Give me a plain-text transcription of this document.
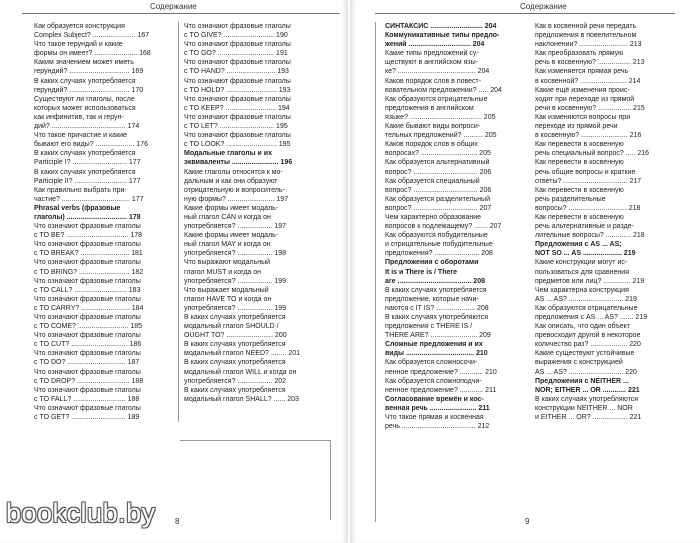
Содержание

Как образуется конструкция

Complex Subject? ...................... 167

Что такое герундий и какие

формы он имеет? ...................... 168

Каким значением может иметь

герундий? ............................... 169

В каких случаях употребляется

герундий? ............................... 170

Существуют ли глаголы, после

которых может использоваться

как инфинитив, так и герун-

дий? ...................................... 174

Что такое причастие и какие

бывают его виды? .................... 176

В каких случаях употребляется

Participle I? ............................ 177

В каких случаях употребляется

Participle II? ........................... 177

Как правильно выбрать при-

частие? ................................... 177

Phrasal verbs (фразовые

глаголы) ............................... 178

Что означают фразовые глаголы

с TO BE? ................................ 178

Что означают фразовые глаголы

с TO BREAK? ......................... 181

Что означают фразовые глаголы

с TO BRING? .......................... 182

Что означают фразовые глаголы

с TO CALL? ........................... 183

Что означают фразовые глаголы

с TO CARRY? ......................... 184

Что означают фразовые глаголы

с TO COME? .......................... 185

Что означают фразовые глаголы

с TO CUT? ............................. 186

Что означают фразовые глаголы

с TO DO? .............................. 187

Что означают фразовые глаголы

с TO DROP? ........................... 188

Что означают фразовые глаголы

с TO FALL? ........................... 188

Что означают фразовые глаголы

с TO GET? ............................ 189

Что означают фразовые глаголы

с TO GIVE? .......................... 190

Что означают фразовые глаголы

с TO GO? ............................. 191

Что означают фразовые глаголы

с TO HAND? ......................... 193

Что означают фразовые глаголы

с TO HOLD? .......................... 193

Что означают фразовые глаголы

с TO KEEP? .......................... 194

Что означают фразовые глаголы

с TO LET? ............................ 195

Что означают фразовые глаголы

с TO LOOK? .......................... 195

Модальные глаголы и их

эквиваленты ........................ 196

Какие глаголы относятся к мо-

дальным и как они образуют

отрицательную и вопроситель-

ную формы? ........................ 197

Какие формы имеет модаль-

ный глагол CAN и когда он

употребляется? .................. 197

Какие формы имеет модаль-

ный глагол MAY и когда он

употребляется? .................. 198

Что выражают модальный

глагол MUST и когда он

употребляется? .................. 199

Что выражает модальный

глагол HAVE TO и когда он

употребляется? .................. 199

В каких случаях употребляется

модальный глагол SHOULD /

OUGHT TO? ........................ 200

В каких случаях употребляется

модальный глагол NEED? ........ 201

В каких случаях употребляется

модальный глагол WILL и когда он

употребляется? .................. 202

В каких случаях употребляется

модальный глагол SHALL? ...... 203

8
Содержание

СИНТАКСИС ........................... 204

Коммуникативные типы предло-

жений ................................ 204

Какие типы предложений су-

ществуют в английском язы-

ке? ........................................ 204

Каков порядок слов в повест-

вовательном предложении? ..... 204

Как образуются отрицательные

предложения в английском

языке? ..................................... 205

Какие бывают виды вопроси-

тельных предложений? .......... 205

Каков порядок слов в общих

вопросах? ............................. 205

Как образуется альтернативный

вопрос? ................................. 206

Как образуется специальный

вопрос? ................................. 206

Как образуется разделительный

вопрос? ................................. 207

Чем характерно образование

вопросов к подлежащему? ....... 207

Как образуются побудительные

и отрицательные побудительные

предложения? ....................... 208

Предложения с оборотами

It is и There is / There

are ...................................... 208

В каких случаях употребляется

предложение, которые начи-

наются с IT IS? .................... 208

В каких случаях употребляются

предложения с THERE IS /

THERE ARE? ........................ 209

Сложные предложения и их

виды ................................... 210

Как образуется сложносочи-

ненное предложение? ............ 210

Как образуется сложноподчи-

ненное предложение? ............ 211

Согласование времён и кос-

венная речь ........................ 211

Что такое прямая и косвенная

речь ...................................... 212

Как в косвенной речи передать

предложения в повелительном

наклонении? ......................... 213

Как преобразовать прямую

речь в косвенную? ................. 213

Как изменяется прямая речь

в косвенной? ........................ 214

Какие ещё изменения проис-

ходят при переходе из прямой

речи в косвенную? ................. 215

Как изменяются вопросы при

переходе из прямой речи

в косвенную? ........................ 216

Как перевести в косвенную

речь специальный вопрос? ..... 216

Как перевести в косвенную

речь общие вопросы и краткие

ответы? ................................. 217

Как перевести в косвенную

речь разделительные

вопросы? .............................. 218

Как перевести в косвенную

речь альтернативные и разде-

лительные вопросы? ............. 218

Предложения с AS ... AS;

NOT SO ... AS .................... 219

Какие конструкции могут ис-

пользоваться для сравнения

предметов или лиц? .............. 219

Чем характерна конструкция

AS ... AS? ............................ 219

Как образуются отрицательные

предложения с AS ... AS? ....... 219

Как описать, что один объект

превосходит другой в некоторое

количество раз? ................... 220

Какие существуют устойчивые

выражения с конструкцией

AS ... AS? ............................ 220

Предложения с NEITHER ...

NOR; EITHER ... OR ............ 221

В каких случаях употребляются

конструкции NEITHER ... NOR

и EITHER ... OR? .................. 221

9
bookclub.by
